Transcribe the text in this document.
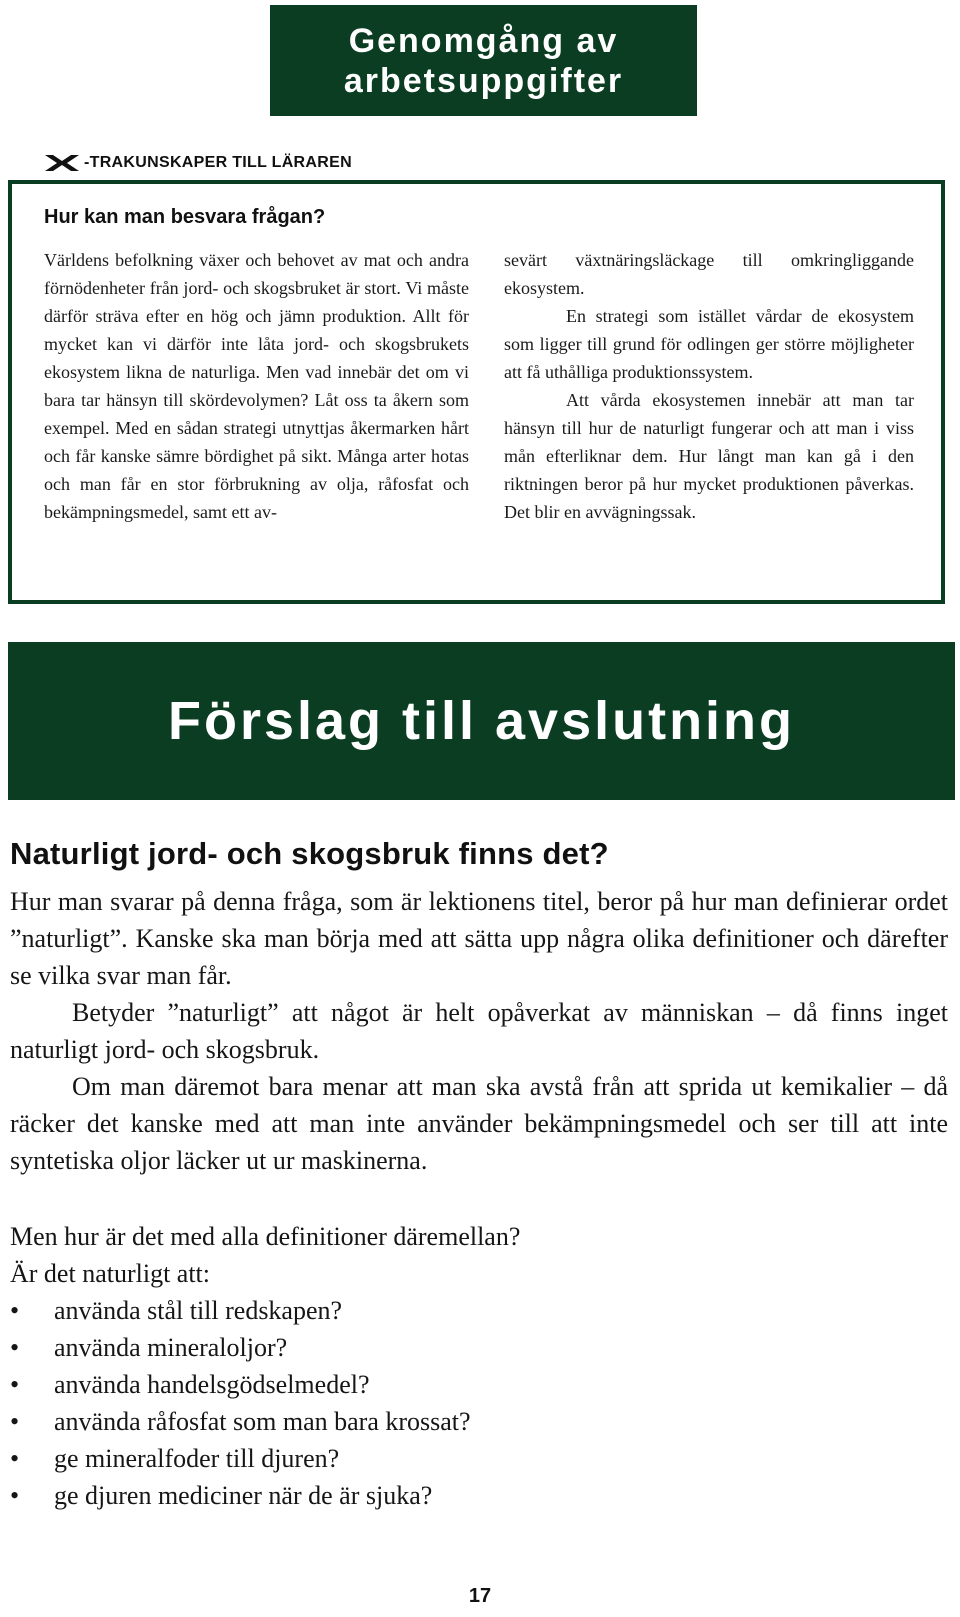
Genomgång av
arbetsuppgifter
-TRAKUNSKAPER TILL LÄRAREN
Hur kan man besvara frågan?

Världens befolkning växer och behovet av mat och andra förnödenheter från jord- och skogsbruket är stort. Vi måste därför sträva efter en hög och jämn produktion. Allt för mycket kan vi därför inte låta jord- och skogsbrukets ekosystem likna de naturliga. Men vad innebär det om vi bara tar hänsyn till skördevolymen? Låt oss ta åkern som exempel. Med en sådan strategi utnyttjas åkermarken hårt och får kanske sämre bördighet på sikt. Många arter hotas och man får en stor förbrukning av olja, råfosfat och bekämpningsmedel, samt ett av-

sevärt växtnäringsläckage till omkringliggande ekosystem.

En strategi som istället vårdar de ekosystem som ligger till grund för odlingen ger större möjligheter att få uthålliga produktionssystem.

Att vårda ekosystemen innebär att man tar hänsyn till hur de naturligt fungerar och att man i viss mån efterliknar dem. Hur långt man kan gå i den riktningen beror på hur mycket produktionen påverkas. Det blir en avvägningssak.

Förslag till avslutning
Naturligt jord- och skogsbruk finns det?

Hur man svarar på denna fråga, som är lektionens titel, beror på hur man definierar ordet ”naturligt”. Kanske ska man börja med att sätta upp några olika definitioner och därefter se vilka svar man får.

Betyder ”naturligt” att något är helt opåverkat av människan – då finns inget naturligt jord- och skogsbruk.

Om man däremot bara menar att man ska avstå från att sprida ut kemikalier – då räcker det kanske med att man inte använder bekämpningsmedel och ser till att inte syntetiska oljor läcker ut ur maskinerna.

Men hur är det med alla definitioner däremellan?

Är det naturligt att:

• använda stål till redskapen?
• använda mineraloljor?
• använda handelsgödselmedel?
• använda råfosfat som man bara krossat?
• ge mineralfoder till djuren?
• ge djuren mediciner när de är sjuka?
17
